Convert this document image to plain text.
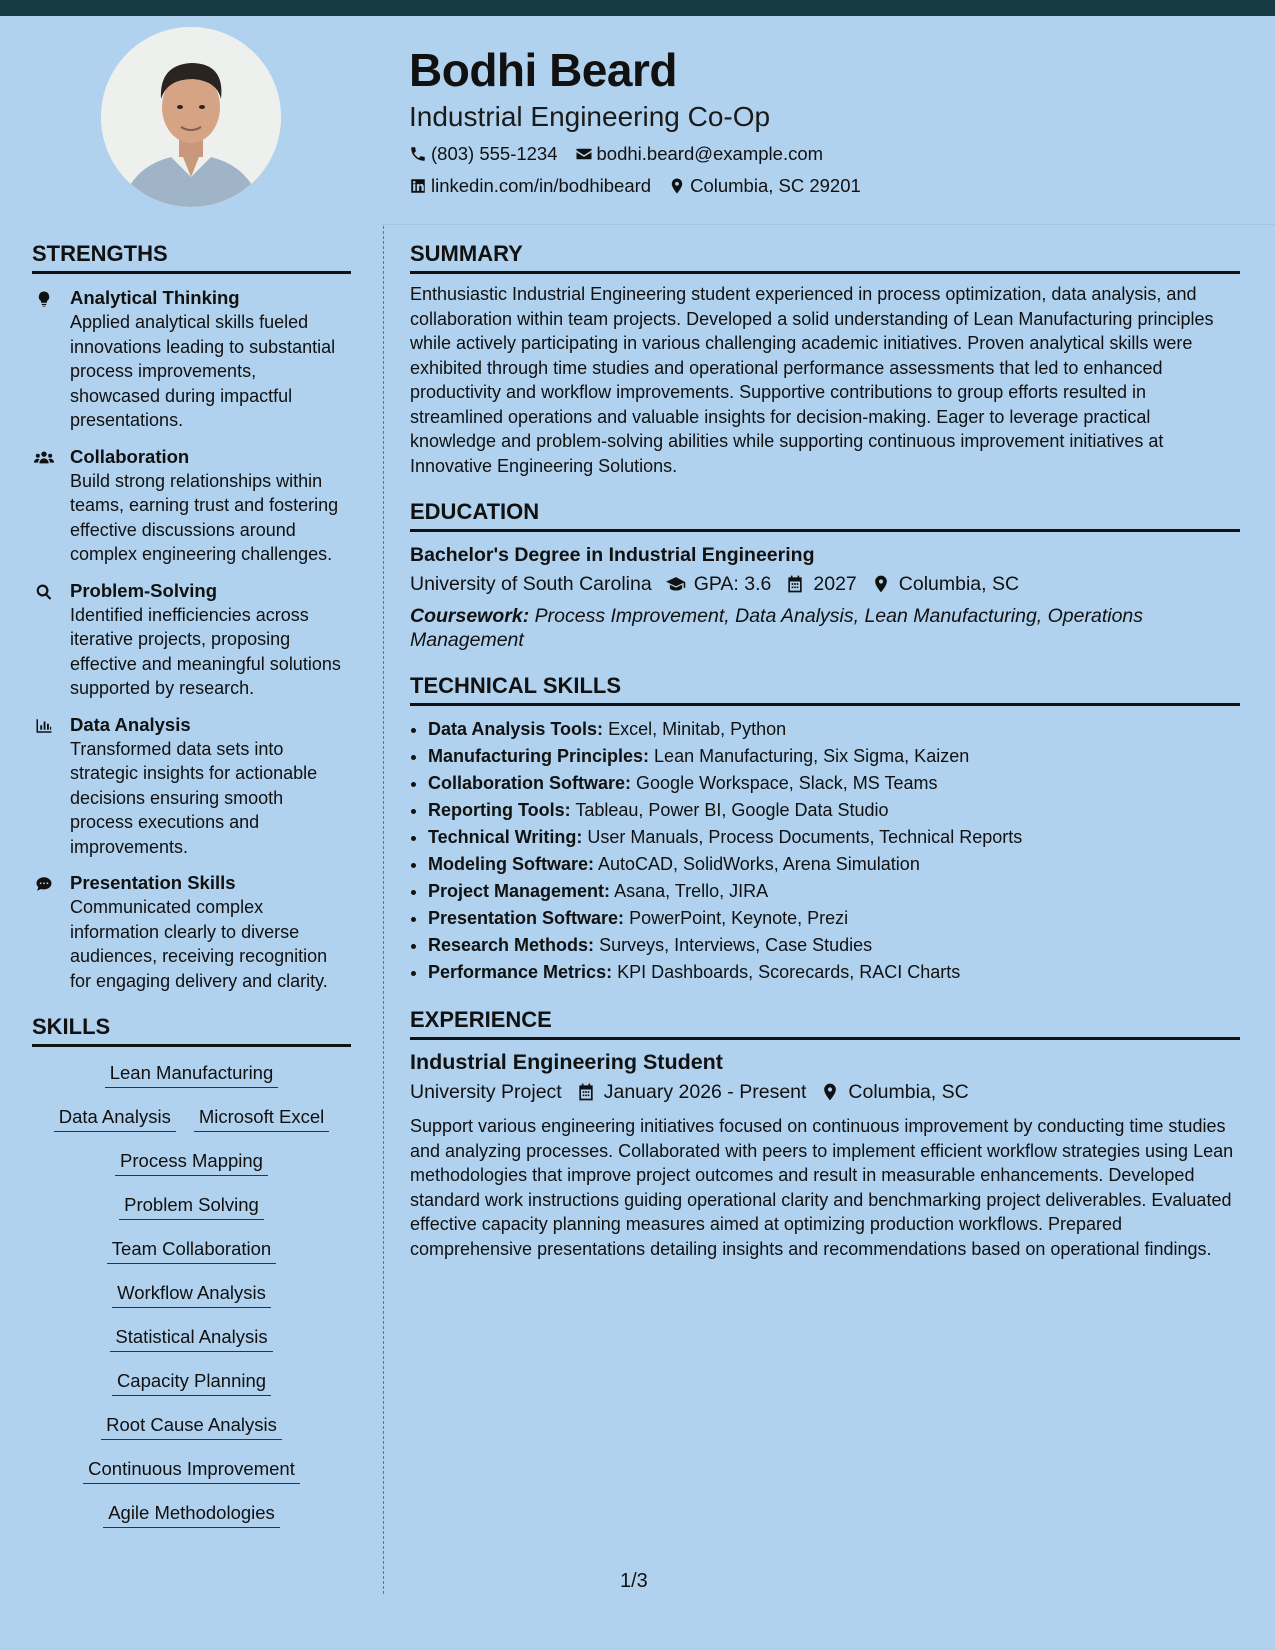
Bodhi Beard
Industrial Engineering Co-Op
(803) 555-1234 bodhi.beard@example.com
linkedin.com/in/bodhibeard Columbia, SC 29201
STRENGTHS
Analytical Thinking
Applied analytical skills fueled innovations leading to substantial process improvements, showcased during impactful presentations.
Collaboration
Build strong relationships within teams, earning trust and fostering effective discussions around complex engineering challenges.
Problem-Solving
Identified inefficiencies across iterative projects, proposing effective and meaningful solutions supported by research.
Data Analysis
Transformed data sets into strategic insights for actionable decisions ensuring smooth process executions and improvements.
Presentation Skills
Communicated complex information clearly to diverse audiences, receiving recognition for engaging delivery and clarity.
SKILLS
Lean Manufacturing
Data Analysis Microsoft Excel
Process Mapping
Problem Solving
Team Collaboration
Workflow Analysis
Statistical Analysis
Capacity Planning
Root Cause Analysis
Continuous Improvement
Agile Methodologies
SUMMARY
Enthusiastic Industrial Engineering student experienced in process optimization, data analysis, and collaboration within team projects. Developed a solid understanding of Lean Manufacturing principles while actively participating in various challenging academic initiatives. Proven analytical skills were exhibited through time studies and operational performance assessments that led to enhanced productivity and workflow improvements. Supportive contributions to group efforts resulted in streamlined operations and valuable insights for decision-making. Eager to leverage practical knowledge and problem-solving abilities while supporting continuous improvement initiatives at Innovative Engineering Solutions.
EDUCATION
Bachelor's Degree in Industrial Engineering
University of South Carolina GPA: 3.6 2027 Columbia, SC
Coursework: Process Improvement, Data Analysis, Lean Manufacturing, Operations Management
TECHNICAL SKILLS
• Data Analysis Tools: Excel, Minitab, Python
• Manufacturing Principles: Lean Manufacturing, Six Sigma, Kaizen
• Collaboration Software: Google Workspace, Slack, MS Teams
• Reporting Tools: Tableau, Power BI, Google Data Studio
• Technical Writing: User Manuals, Process Documents, Technical Reports
• Modeling Software: AutoCAD, SolidWorks, Arena Simulation
• Project Management: Asana, Trello, JIRA
• Presentation Software: PowerPoint, Keynote, Prezi
• Research Methods: Surveys, Interviews, Case Studies
• Performance Metrics: KPI Dashboards, Scorecards, RACI Charts
EXPERIENCE
Industrial Engineering Student
University Project January 2026 - Present Columbia, SC
Support various engineering initiatives focused on continuous improvement by conducting time studies and analyzing processes. Collaborated with peers to implement efficient workflow strategies using Lean methodologies that improve project outcomes and result in measurable enhancements. Developed standard work instructions guiding operational clarity and benchmarking project deliverables. Evaluated effective capacity planning measures aimed at optimizing production workflows. Prepared comprehensive presentations detailing insights and recommendations based on operational findings.
1/3
